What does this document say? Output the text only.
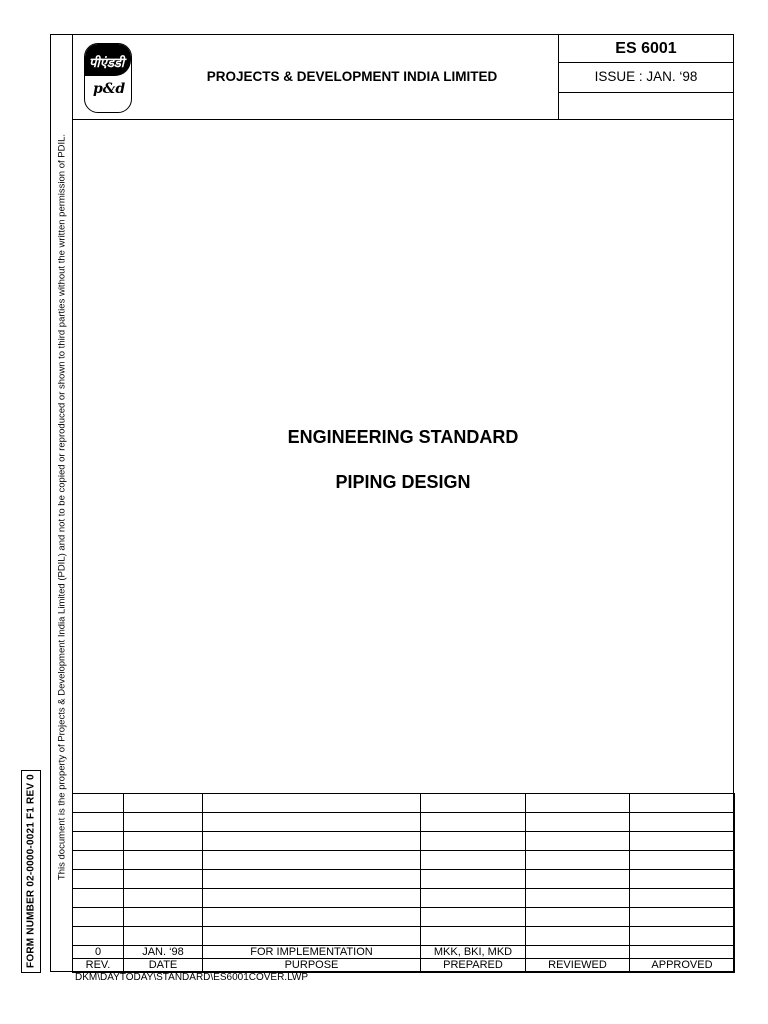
FORM NUMBER 02-0000-0021 F1 REV 0 This document is the property of Projects & Development India Limited (PDIL) and not to be copied or reproduced or shown to third parties without the written permission of PDIL.
पीएंडडी
p&d
PROJECTS & DEVELOPMENT INDIA LIMITED
ES 6001
ISSUE : JAN. ‘98
ENGINEERING STANDARD
PIPING DESIGN

0	JAN. ‘98	FOR IMPLEMENTATION	MKK, BKI, MKD		
REV.	DATE	PURPOSE	PREPARED	REVIEWED	APPROVED
DKM\DAYTODAY\STANDARD\ES6001COVER.LWP
